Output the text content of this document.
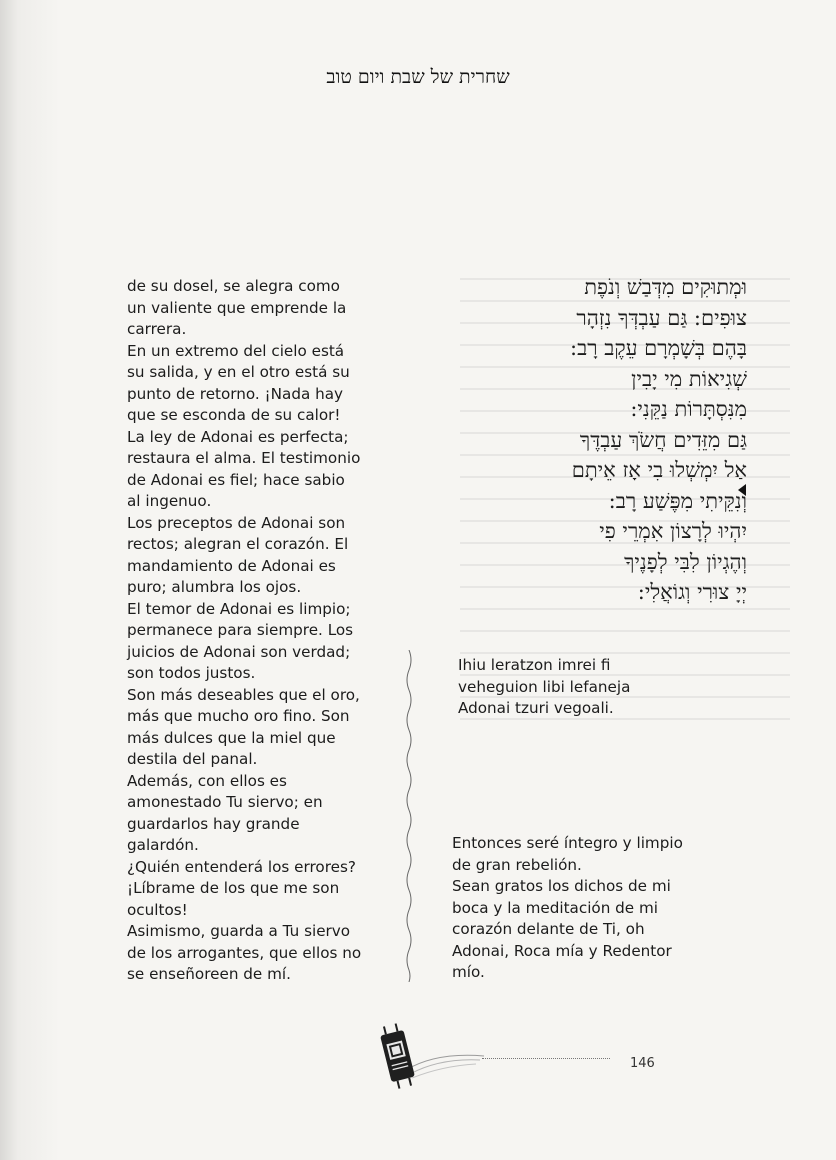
שחרית של שבת ויום טוב

de su dosel, se alegra como

un valiente que emprende la

carrera.

En un extremo del cielo está

su salida, y en el otro está su

punto de retorno. ¡Nada hay

que se esconda de su calor!

La ley de Adonai es perfecta;

restaura el alma. El testimonio

de Adonai es fiel; hace sabio

al ingenuo.

Los preceptos de Adonai son

rectos; alegran el corazón. El

mandamiento de Adonai es

puro; alumbra los ojos.

El temor de Adonai es limpio;

permanece para siempre. Los

juicios de Adonai son verdad;

son todos justos.

Son más deseables que el oro,

más que mucho oro fino. Son

más dulces que la miel que

destila del panal.

Además, con ellos es

amonestado Tu siervo; en

guardarlos hay grande

galardón.

¿Quién entenderá los errores?

¡Líbrame de los que me son

ocultos!

Asimismo, guarda a Tu siervo

de los arrogantes, que ellos no

se enseñoreen de mí.

וּמְתוּקִים מִדְּבַשׁ וְנֹפֶת

צוּפִים: גַּם עַבְדְּךָ נִזְהָר

בָּהֶם בְּשָׁמְרָם עֵקֶב רָב:

שְׁגִיאוֹת מִי יָבִין

מִנִּסְתָּרוֹת נַקֵּנִי:

גַּם מִזֵּדִים חֲשֹׂךְ עַבְדֶּךָ

אַל יִמְשְׁלוּ בִי אָז אֵיתָם

וְנִקֵּיתִי מִפֶּשַׁע רָב:

יִהְיוּ לְרָצוֹן אִמְרֵי פִי

וְהֶגְיוֹן לִבִּי לְפָנֶיךָ

יְיָ צוּרִי וְגוֹאֲלִי:

Ihiu leratzon imrei fi

veheguion libi lefaneja

Adonai tzuri vegoali.

Entonces seré íntegro y limpio

de gran rebelión.

Sean gratos los dichos de mi

boca y la meditación de mi

corazón delante de Ti, oh

Adonai, Roca mía y Redentor

mío.

146
